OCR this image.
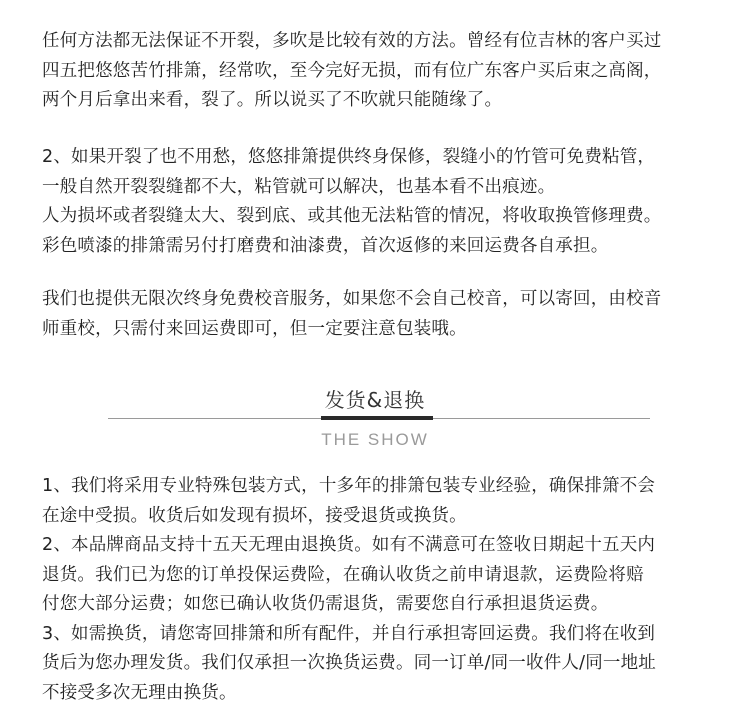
任何方法都无法保证不开裂，多吹是比较有效的方法。曾经有位吉林的客户买过
四五把悠悠苦竹排箫，经常吹，至今完好无损，而有位广东客户买后束之高阁，
两个月后拿出来看，裂了。所以说买了不吹就只能随缘了。
2、如果开裂了也不用愁，悠悠排箫提供终身保修，裂缝小的竹管可免费粘管，
一般自然开裂裂缝都不大，粘管就可以解决，也基本看不出痕迹。
人为损坏或者裂缝太大、裂到底、或其他无法粘管的情况，将收取换管修理费。
彩色喷漆的排箫需另付打磨费和油漆费，首次返修的来回运费各自承担。
我们也提供无限次终身免费校音服务，如果您不会自己校音，可以寄回，由校音
师重校，只需付来回运费即可，但一定要注意包装哦。
发货&退换
THE SHOW
1、我们将采用专业特殊包装方式，十多年的排箫包装专业经验，确保排箫不会
在途中受损。收货后如发现有损坏，接受退货或换货。
2、本品牌商品支持十五天无理由退换货。如有不满意可在签收日期起十五天内
退货。我们已为您的订单投保运费险，在确认收货之前申请退款，运费险将赔
付您大部分运费；如您已确认收货仍需退货，需要您自行承担退货运费。
3、如需换货，请您寄回排箫和所有配件，并自行承担寄回运费。我们将在收到
货后为您办理发货。我们仅承担一次换货运费。同一订单/同一收件人/同一地址
不接受多次无理由换货。
